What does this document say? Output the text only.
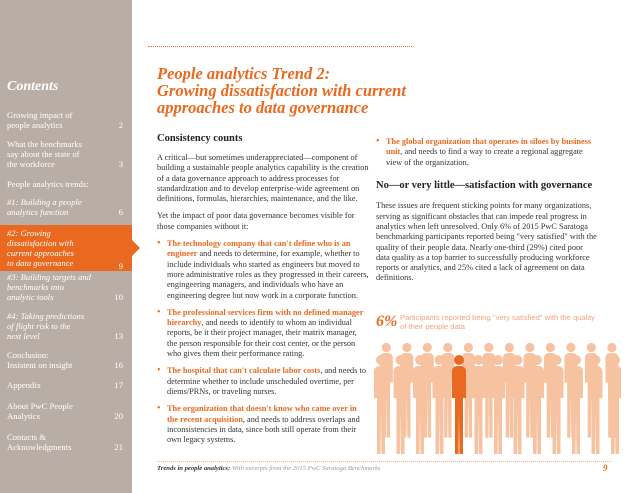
Contents
Growing impact of
people analytics	2
What the benchmarks
say about the state of
the workforce	3
People analytics trends:
#1: Building a people
analytics function	6
#2: Growing
dissatisfaction with
current approaches
to data governance	9
#3: Building targets and
benchmarks into
analytic tools	10
#4: Taking predictions
of flight risk to the
next level	13
Conclusion:
Insistent on insight	16
Appendix	17
About PwC People
Analytics	20
Contacts &
Acknowledgments	21
People analytics Trend 2:
Growing dissatisfaction with current
approaches to data governance
Consistency counts

A critical—but sometimes underappreciated—component of building a sustainable people analytics capability is the creation of a data governance approach to address processes for standardization and to develop enterprise-wide agreement on definitions, formulas, hierarchies, maintenance, and the like.

Yet the impact of poor data governance becomes visible for those companies without it:

• The technology company that can't define who is an engineer and needs to determine, for example, whether to include individuals who started as engineers but moved to more administrative roles as they progressed in their careers, engingeering managers, and individuals who have an engineering degree but now work in a corporate function.
• The professional services firm with no defined manager hierarchy, and needs to identify to whom an individual reports, be it their project manager, their matrix manager, the person responsible for their cost center, or the person who gives them their performance rating.
• The hospital that can't calculate labor costs, and needs to determine whether to include unscheduled overtime, per diems/PRNs, or traveling nurses.
• The organization that doesn't know who came over in the recent acquisition, and needs to address overlaps and inconsistencies in data, since both still operate from their own legacy systems.
• The global organization that operates in siloes by business unit, and needs to find a way to create a regional aggregate view of the organization.
No—or very little—satisfaction with governance

These issues are frequent sticking points for many organizations, serving as significant obstacles that can impede real progress in analytics when left unresolved. Only 6% of 2015 PwC Saratoga benchmarking participants reported being "very satisfied" with the quality of their people data. Nearly one-third (29%) cited poor data quality as a top barrier to successfully producing workforce reports or analytics, and 25% cited a lack of agreement on data definitions.

6% Participants reported being "very satisfied" with the quality of their people data
Trends in people analytics: With excerpts from the 2015 PwC Saratoga Benchmarks	9
